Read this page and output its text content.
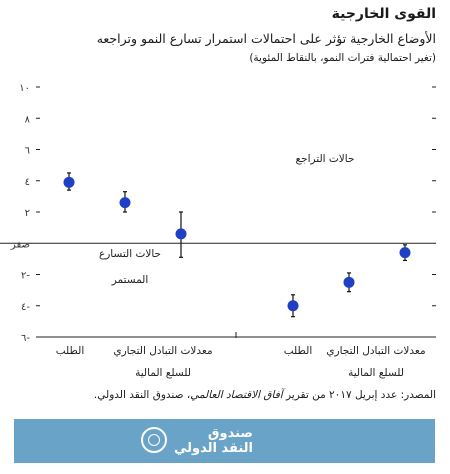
القوى الخارجية
الأوضاع الخارجية تؤثر على احتمالات استمرار تسارع النمو وتراجعه
(تغير احتمالية فترات النمو، بالنقاط المئوية)
١٠
٨
٦
٤
٢
صفر
٢-
٤-
٦-
حالات التسارع
المستمر
الطلب	معدلات التبادل التجاري
للسلع المالية
حالات التراجع
الطلب معدلات التبادل التجاري
للسلع المالية
المصدر: عدد إبريل ٢٠١٧ من تقرير آفاق الاقتصاد العالمي، صندوق النقد الدولي.
صندوق
النقد الدولي
